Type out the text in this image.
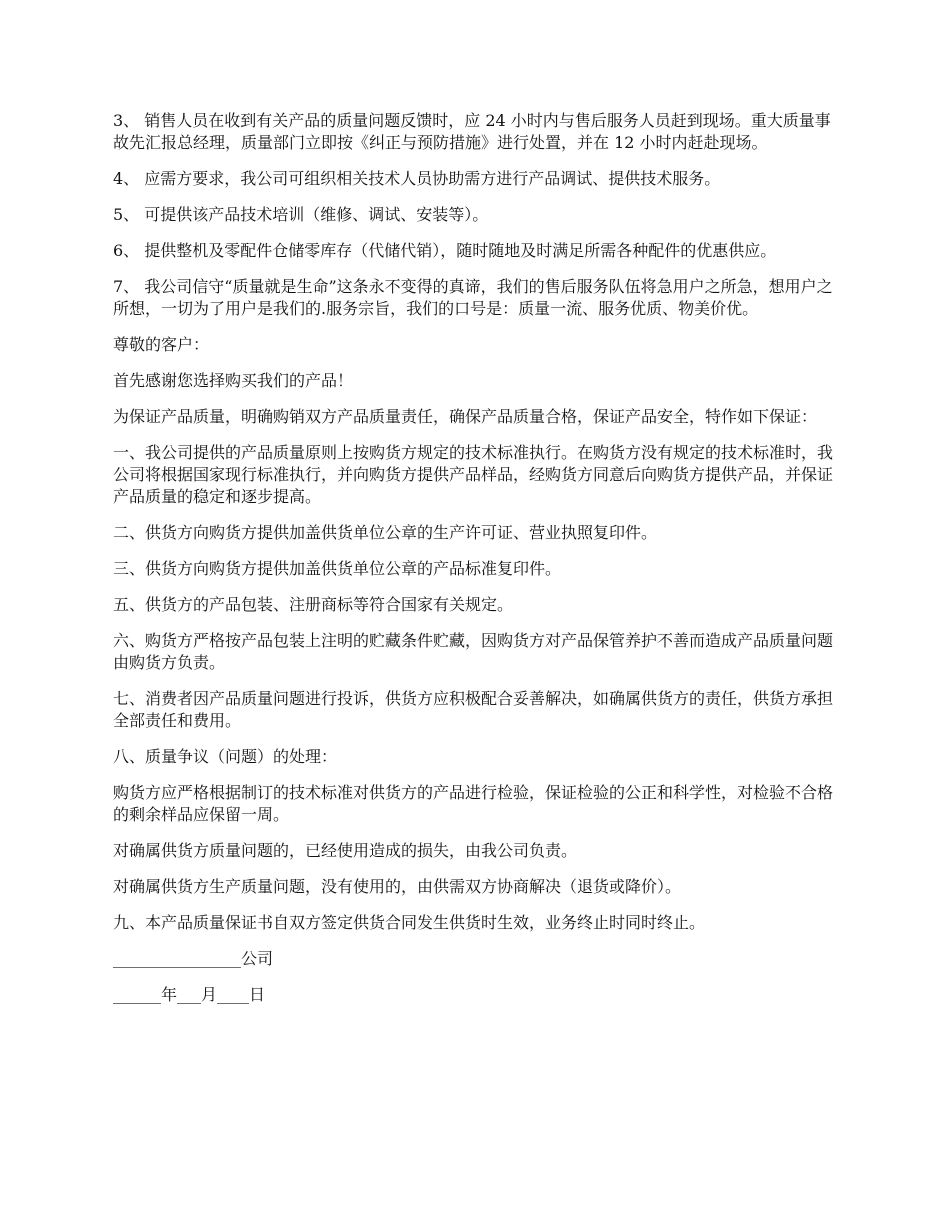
3、 销售人员在收到有关产品的质量问题反馈时，应 24 小时内与售后服务人员赶到现场。重大质量事故先汇报总经理，质量部门立即按《纠正与预防措施》进行处置，并在 12 小时内赶赴现场。

4、 应需方要求，我公司可组织相关技术人员协助需方进行产品调试、提供技术服务。

5、 可提供该产品技术培训（维修、调试、安装等）。

6、 提供整机及零配件仓储零库存（代储代销），随时随地及时满足所需各种配件的优惠供应。

7、 我公司信守“质量就是生命”这条永不变得的真谛，我们的售后服务队伍将急用户之所急，想用户之所想，一切为了用户是我们的.服务宗旨，我们的口号是：质量一流、服务优质、物美价优。

尊敬的客户：

首先感谢您选择购买我们的产品！

为保证产品质量，明确购销双方产品质量责任，确保产品质量合格，保证产品安全，特作如下保证：

一、我公司提供的产品质量原则上按购货方规定的技术标准执行。在购货方没有规定的技术标准时，我公司将根据国家现行标准执行，并向购货方提供产品样品，经购货方同意后向购货方提供产品，并保证产品质量的稳定和逐步提高。

二、供货方向购货方提供加盖供货单位公章的生产许可证、营业执照复印件。

三、供货方向购货方提供加盖供货单位公章的产品标准复印件。

五、供货方的产品包装、注册商标等符合国家有关规定。

六、购货方严格按产品包装上注明的贮藏条件贮藏，因购货方对产品保管养护不善而造成产品质量问题由购货方负责。

七、消费者因产品质量问题进行投诉，供货方应积极配合妥善解决，如确属供货方的责任，供货方承担全部责任和费用。

八、质量争议（问题）的处理：

购货方应严格根据制订的技术标准对供货方的产品进行检验，保证检验的公正和科学性，对检验不合格的剩余样品应保留一周。

对确属供货方质量问题的，已经使用造成的损失，由我公司负责。

对确属供货方生产质量问题，没有使用的，由供需双方协商解决（退货或降价）。

九、本产品质量保证书自双方签定供货合同发生供货时生效，业务终止时同时终止。

________________公司

______年___月____日
